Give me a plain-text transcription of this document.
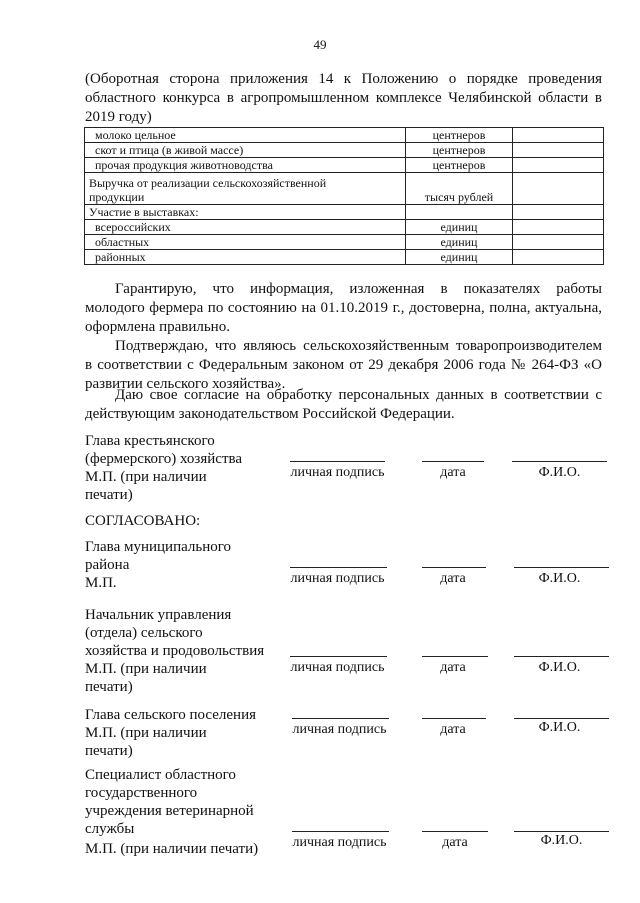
49
(Оборотная сторона приложения 14 к Положению о порядке проведения
областного конкурса в агропромышленном комплексе Челябинской области в
2019 году)
молоко цельное	центнеров	
скот и птица (в живой массе)	центнеров	
прочая продукция животноводства	центнеров	
Выручка от реализации сельскохозяйственной продукции	тысяч рублей	
Участие в выставках:		
всероссийских	единиц	
областных	единиц	
районных	единиц	
Гарантирую, что информация, изложенная в показателях работы
молодого фермера по состоянию на 01.10.2019 г., достоверна, полна, актуальна,
оформлена правильно.
Подтверждаю, что являюсь сельскохозяйственным товаропроизводителем
в соответствии с Федеральным законом от 29 декабря 2006 года № 264-ФЗ «О
развитии сельского хозяйства».
Даю свое согласие на обработку персональных данных в соответствии с
действующим законодательством Российской Федерации.
Глава крестьянского
(фермерского) хозяйства
М.П. (при наличии
печати)
личная подпись	дата	Ф.И.О.
СОГЛАСОВАНО:
Глава муниципального
района
М.П.	личная подпись	дата	Ф.И.О.
Начальник управления
(отдела) сельского
хозяйства и продовольствия
М.П. (при наличии
печати)
личная подпись	дата	Ф.И.О.
Глава сельского поселения
М.П. (при наличии
печати)
личная подпись	дата	Ф.И.О.
Специалист областного
государственного
учреждения ветеринарной
службы
М.П. (при наличии печати)	личная подпись	дата	Ф.И.О.
